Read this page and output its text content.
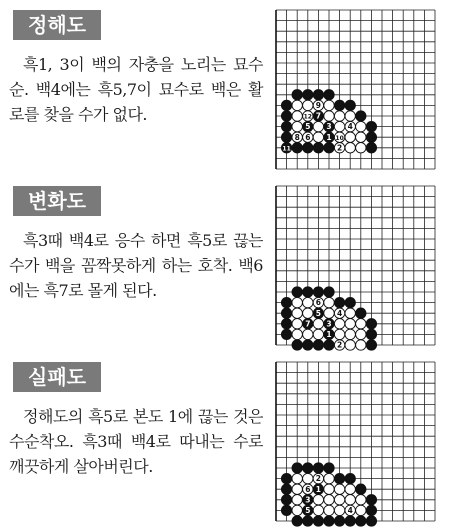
정해도

흑1, 3이 백의 자충을 노리는 묘수순. 백4에는 흑5,7이 묘수로 백은 활로를 찾을 수가 없다.	9
12 7
5 3 4
8 6 1 10
11	2
변화도

흑3때 백4로 응수 하면 흑5로 끊는 수가 백을 꼼짝못하게 하는 호착. 백6에는 흑7로 몰게 된다.

6
5 4
7 3
1
2
실패도

정해도의 흑5로 본도 1에 끊는 것은 수순착오. 흑3때 백4로 따내는 수로 깨끗하게 살아버린다.

2
6 1
3
5	4
